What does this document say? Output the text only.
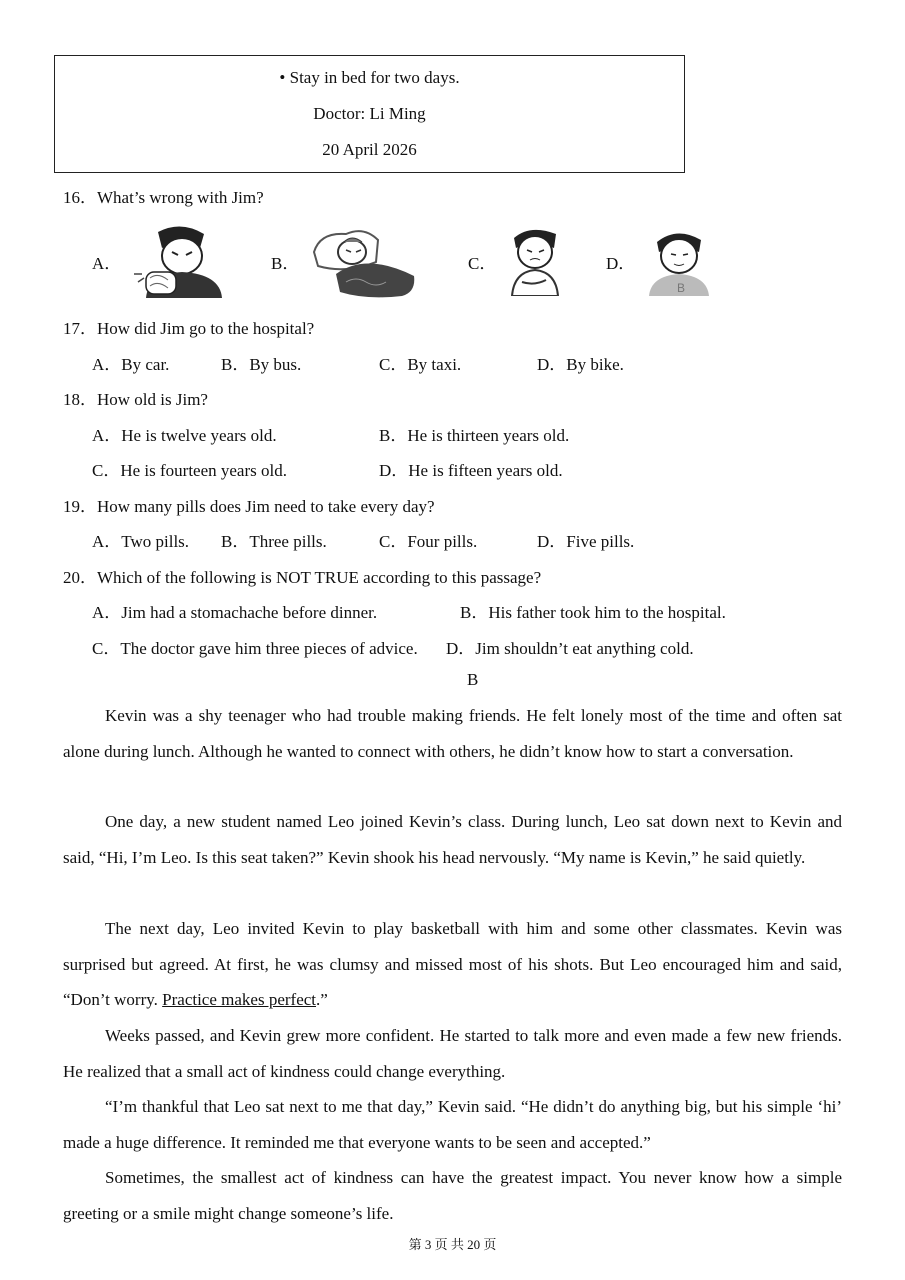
• Stay in bed for two days.
Doctor: Li Ming
20 April 2026
16．What’s wrong with Jim?
A．	B．	C．	D．
B
17．How did Jim go to the hospital?
A．By car.	B．By bus.	C．By taxi.	D．By bike.
18．How old is Jim?
A．He is twelve years old.	B．He is thirteen years old.
C．He is fourteen years old.	D．He is fifteen years old.
19．How many pills does Jim need to take every day?
A．Two pills. B．Three pills.	C．Four pills.	D．Five pills.
20．Which of the following is NOT TRUE according to this passage?
A．Jim had a stomachache before dinner.	B．His father took him to the hospital.
C．The doctor gave him three pieces of advice. D．Jim shouldn’t eat anything cold.
B
Kevin was a shy teenager who had trouble making friends. He felt lonely most of the time and often sat alone during lunch. Although he wanted to connect with others, he didn’t know how to start a conversation.
One day, a new student named Leo joined Kevin’s class. During lunch, Leo sat down next to Kevin and said, “Hi, I’m Leo. Is this seat taken?” Kevin shook his head nervously. “My name is Kevin,” he said quietly.
The next day, Leo invited Kevin to play basketball with him and some other classmates. Kevin was surprised but agreed. At first, he was clumsy and missed most of his shots. But Leo encouraged him and said, “Don’t worry. Practice makes perfect.”
Weeks passed, and Kevin grew more confident. He started to talk more and even made a few new friends. He realized that a small act of kindness could change everything.
“I’m thankful that Leo sat next to me that day,” Kevin said. “He didn’t do anything big, but his simple ‘hi’ made a huge difference. It reminded me that everyone wants to be seen and accepted.”
Sometimes, the smallest act of kindness can have the greatest impact. You never know how a simple greeting or a smile might change someone’s life.
第 3 页 共 20 页
